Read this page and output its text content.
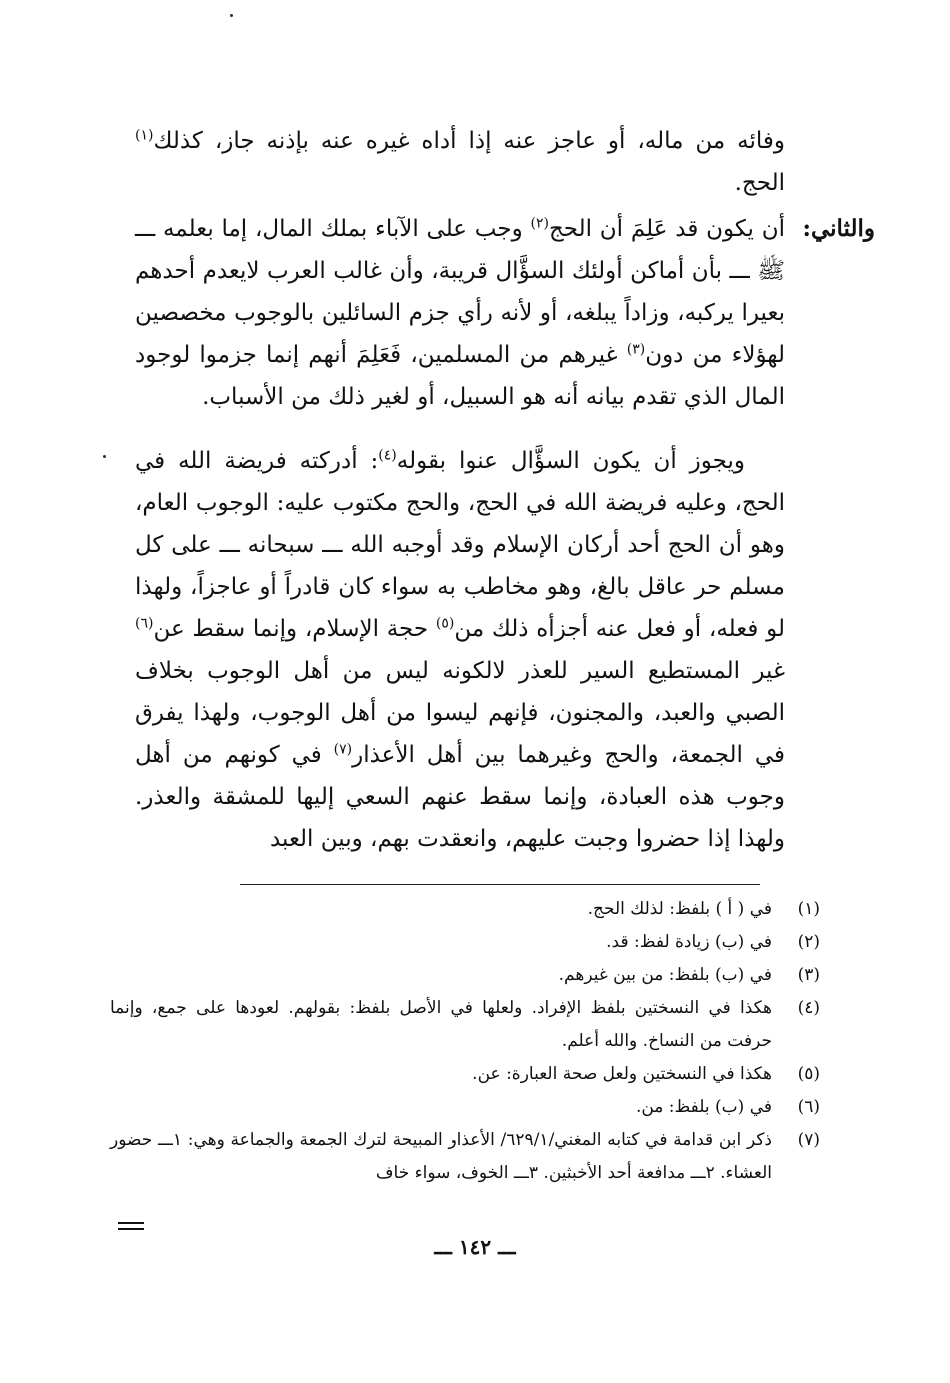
وفائه من ماله، أو عاجز عنه إذا أداه غيره عنه بإذنه جاز، كذلك$^{(١)}$ الحج.

والثاني:

أن يكون قد عَلِمَ أن الحج$^{(٢)}$ وجب على الآباء بملك المال، إما بعلمه ـــ ﷺ ـــ بأن أماكن أولئك السؤَّال قريبة، وأن غالب العرب لايعدم أحدهم بعيرا يركبه، وزاداً يبلغه، أو لأنه رأي جزم السائلين بالوجوب مخصصين لهؤلاء من دون$^{(٣)}$ غيرهم من المسلمين، فَعَلِمَ أنهم إنما جزموا لوجود المال الذي تقدم بيانه أنه هو السبيل، أو لغير ذلك من الأسباب.

ويجوز أن يكون السؤَّال عنوا بقوله$^{(٤)}$: أدركته فريضة الله في الحج، وعليه فريضة الله في الحج، والحج مكتوب عليه: الوجوب العام، وهو أن الحج أحد أركان الإسلام وقد أوجبه الله ـــ سبحانه ـــ على كل مسلم حر عاقل بالغ، وهو مخاطب به سواء كان قادراً أو عاجزاً، ولهذا لو فعله، أو فعل عنه أجزأه ذلك من$^{(٥)}$ حجة الإسلام، وإنما سقط عن$^{(٦)}$ غير المستطيع السير للعذر لالكونه ليس من أهل الوجوب بخلاف الصبي والعبد، والمجنون، فإنهم ليسوا من أهل الوجوب، ولهذا يفرق في الجمعة، والحج وغيرهما بين أهل الأعذار$^{(٧)}$ في كونهم من أهل وجوب هذه العبادة، وإنما سقط عنهم السعي إليها للمشقة والعذر. ولهذا إذا حضروا وجبت عليهم، وانعقدت بهم، وبين العبد

(١)
في ( أ ) بلفظ: لذلك الحج.
(٢)
في (ب) زيادة لفظ: قد.
(٣)
في (ب) بلفظ: من بين غيرهم.
(٤)
هكذا في النسختين بلفظ الإفراد. ولعلها في الأصل بلفظ: بقولهم. لعودها على جمع، وإنما حرفت من النساخ. والله أعلم.
(٥)
هكذا في النسختين ولعل صحة العبارة: عن.
(٦)
في (ب) بلفظ: من.
(٧)
ذكر ابن قدامة في كتابه المغني/٦٢٩/١/ الأعذار المبيحة لترك الجمعة والجماعة وهي: ١ـــ حضور العشاء. ٢ـــ مدافعة أحد الأخبثين. ٣ـــ الخوف، سواء خاف
ـــ ١٤٢ ـــ
